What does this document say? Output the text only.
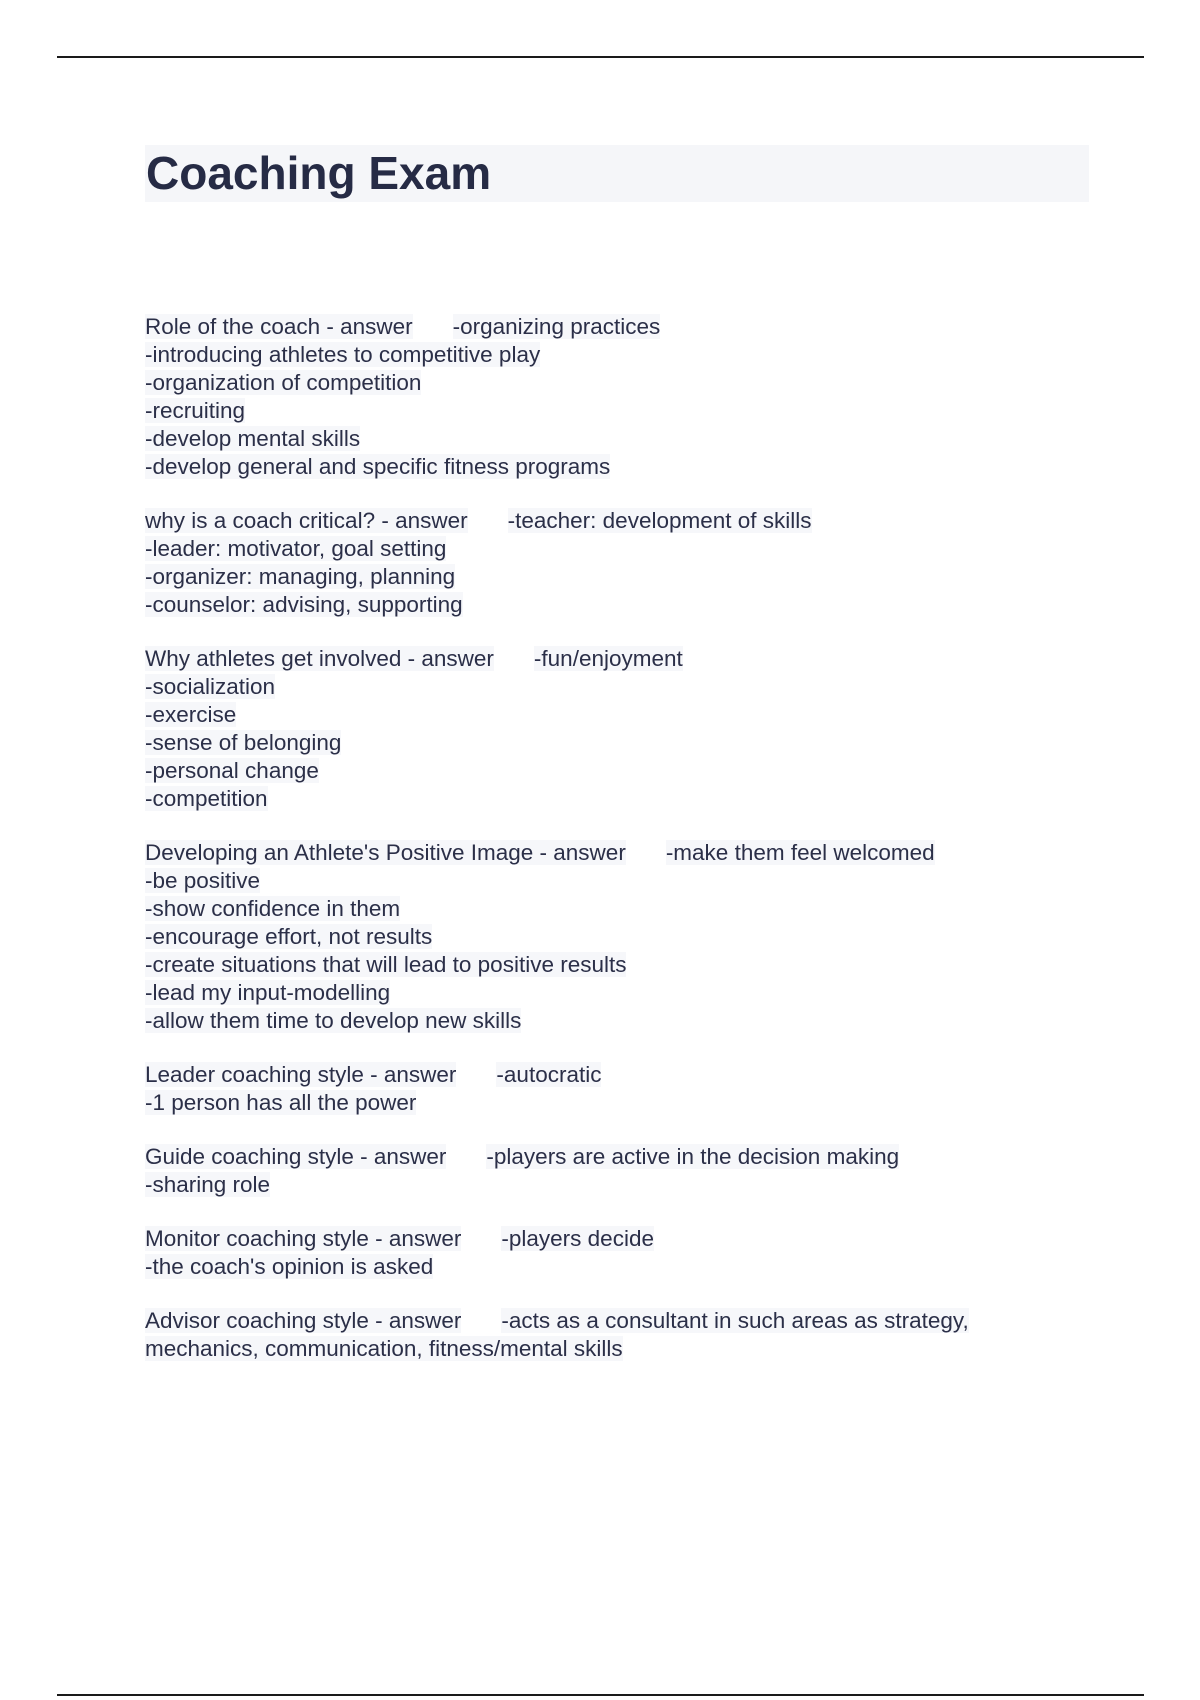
Coaching Exam
Role of the coach - answer -organizing practices
-introducing athletes to competitive play
-organization of competition
-recruiting
-develop mental skills
-develop general and specific fitness programs
why is a coach critical? - answer -teacher: development of skills
-leader: motivator, goal setting
-organizer: managing, planning
-counselor: advising, supporting
Why athletes get involved - answer -fun/enjoyment
-socialization
-exercise
-sense of belonging
-personal change
-competition
Developing an Athlete's Positive Image - answer -make them feel welcomed
-be positive
-show confidence in them
-encourage effort, not results
-create situations that will lead to positive results
-lead my input-modelling
-allow them time to develop new skills
Leader coaching style - answer -autocratic
-1 person has all the power
Guide coaching style - answer -players are active in the decision making
-sharing role
Monitor coaching style - answer -players decide
-the coach's opinion is asked
Advisor coaching style - answer -acts as a consultant in such areas as strategy,
mechanics, communication, fitness/mental skills
